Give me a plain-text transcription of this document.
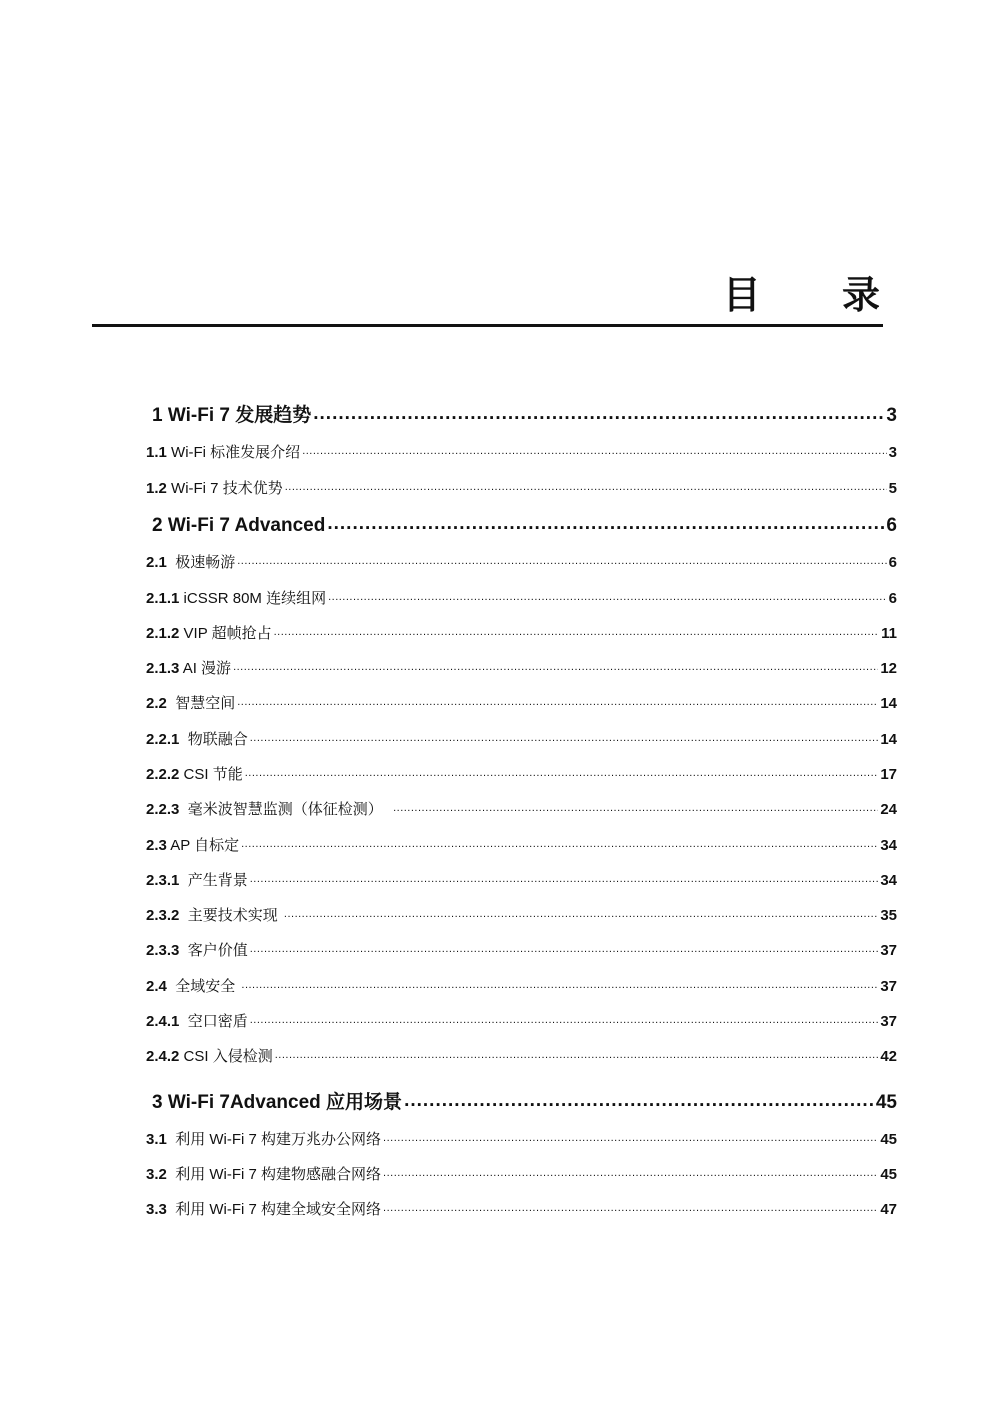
目 录
1 Wi-Fi 7 发展趋势 .....	3
1.1 Wi-Fi 标准发展介绍 .....	3
1.2 Wi-Fi 7 技术优势 .....	5
2 Wi-Fi 7 Advanced .....	6
2.1 极速畅游 .....	6
2.1.1 iCSSR 80M 连续组网 .....	6
2.1.2 VIP 超帧抢占 .....	11
2.1.3 AI 漫游 .....	12
2.2 智慧空间 .....	14
2.2.1 物联融合 .....	14
2.2.2 CSI 节能 .....	17
2.2.3 毫米波智慧监测（体征检测） .....	24
2.3 AP 自标定 .....	34
2.3.1 产生背景 .....	34
2.3.2 主要技术实现 .....	35
2.3.3 客户价值 .....	37
2.4 全域安全 .....	37
2.4.1 空口密盾 .....	37
2.4.2 CSI 入侵检测 .....	42
3 Wi-Fi 7Advanced 应用场景 .....	45
3.1 利用 Wi-Fi 7 构建万兆办公网络 .....	45
3.2 利用 Wi-Fi 7 构建物感融合网络 .....	45
3.3 利用 Wi-Fi 7 构建全域安全网络 .....	47
